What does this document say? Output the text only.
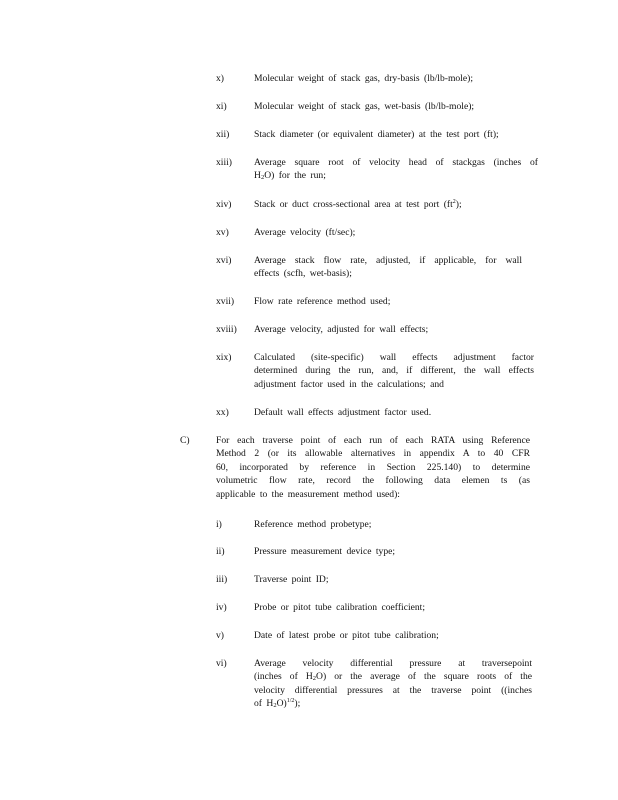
x)	Molecular weight of stack gas, dry-basis (lb/lb-mole);
xi)	Molecular weight of stack gas, wet-basis (lb/lb-mole);
xii)	Stack diameter (or equivalent diameter) at the test port (ft);
xiii) Average square root of velocity head of stackgas (inches of
$H_2O$) for the run;
xiv) Stack or duct cross-sectional area at test port $(ft^2)$;
xv)	Average velocity (ft/sec);
xvi) Average stack flow rate, adjusted, if applicable, for wall
effects (scfh, wet-basis);
xvii) Flow rate reference method used;
xviii) Average velocity, adjusted for wall effects;
xix) Calculated (site-specific) wall effects adjustment factor
determined during the run, and, if different, the wall effects
adjustment factor used in the calculations; and
xx)	Default wall effects adjustment factor used.
C)	For each traverse point of each run of each RATA using Reference
Method 2 (or its allowable alternatives in appendix A to 40 CFR
60, incorporated by reference in Section 225.140) to determine
volumetric flow rate, record the following data elemen ts (as
applicable to the measurement method used):
i)	Reference method probetype;
ii)	Pressure measurement device type;
iii)	Traverse point ID;
iv)	Probe or pitot tube calibration coefficient;
v)	Date of latest probe or pitot tube calibration;
vi)	Average velocity differential pressure at traversepoint
(inches of $H_2O$) or the average of the square roots of the
velocity differential pressures at the traverse point ((inches
of $H_2O)^{1/2}$);
